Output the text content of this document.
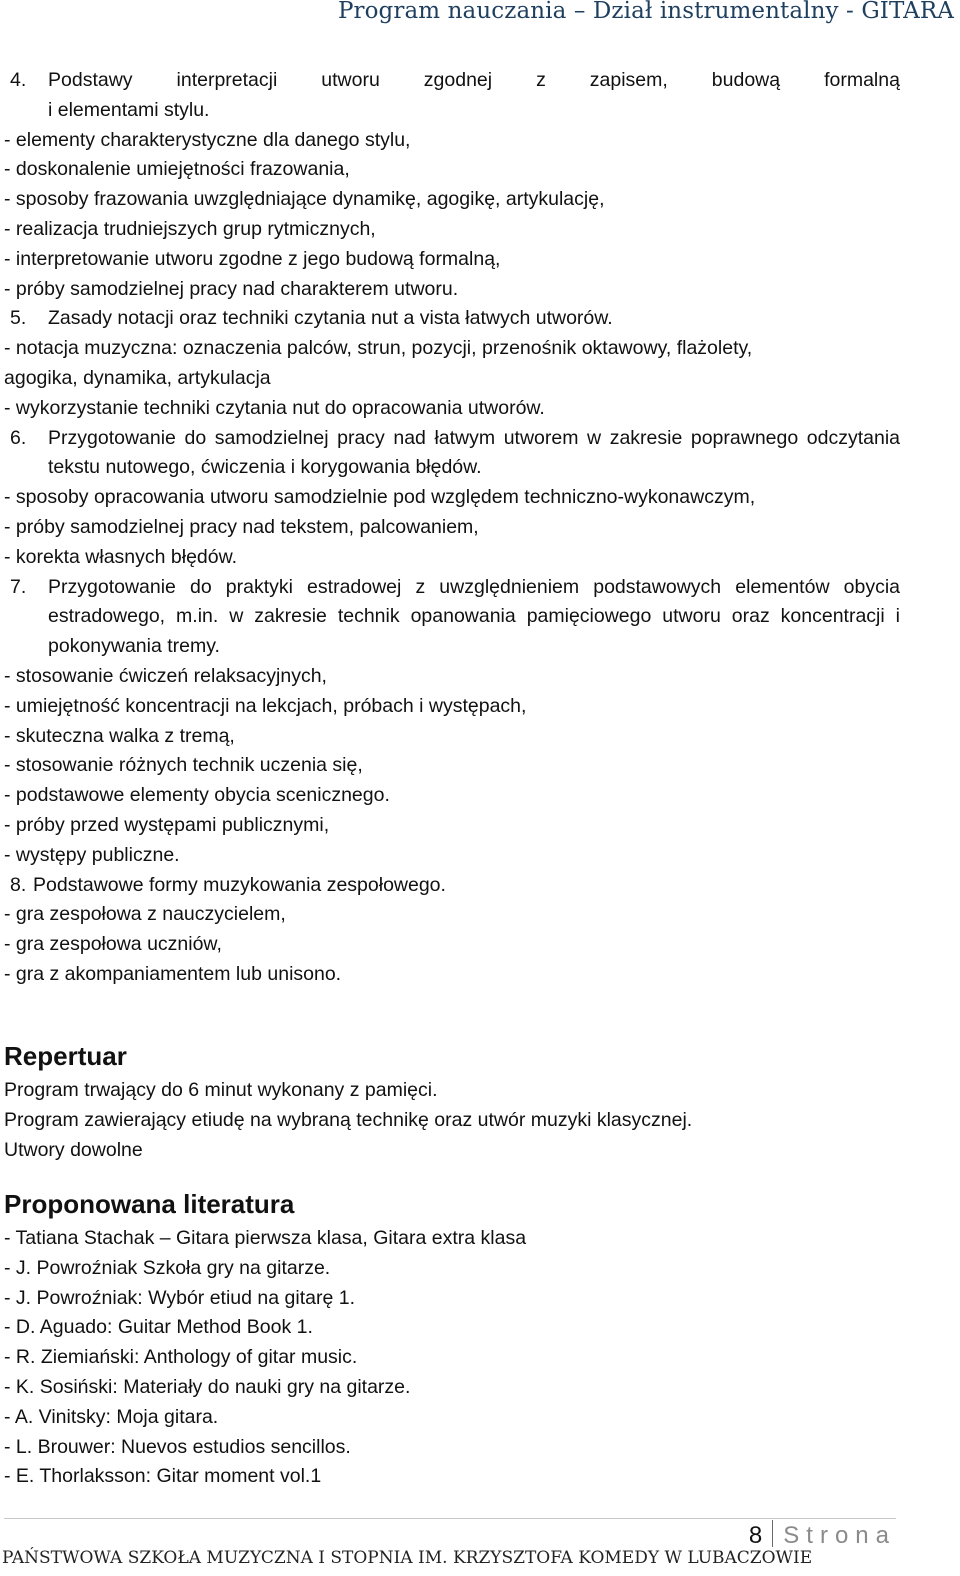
Program nauczania – Dział instrumentalny - GITARA
4.	Podstawy interpretacji utworu zgodnej z zapisem, budową formalną
i elementami stylu.
- elementy charakterystyczne dla danego stylu,
- doskonalenie umiejętności frazowania,
- sposoby frazowania uwzględniające dynamikę, agogikę, artykulację,
- realizacja trudniejszych grup rytmicznych,
- interpretowanie utworu zgodne z jego budową formalną,
- próby samodzielnej pracy nad charakterem utworu.
5.	Zasady notacji oraz techniki czytania nut a vista łatwych utworów.
- notacja muzyczna: oznaczenia palców, strun, pozycji, przenośnik oktawowy, flażolety,
agogika, dynamika, artykulacja
- wykorzystanie techniki czytania nut do opracowania utworów.
6.	Przygotowanie do samodzielnej pracy nad łatwym utworem w zakresie poprawnego odczytania tekstu nutowego, ćwiczenia i korygowania błędów.
- sposoby opracowania utworu samodzielnie pod względem techniczno-wykonawczym,
- próby samodzielnej pracy nad tekstem, palcowaniem,
- korekta własnych błędów.
7.	Przygotowanie do praktyki estradowej z uwzględnieniem podstawowych elementów obycia estradowego, m.in. w zakresie technik opanowania pamięciowego utworu oraz koncentracji i pokonywania tremy.
- stosowanie ćwiczeń relaksacyjnych,
- umiejętność koncentracji na lekcjach, próbach i występach,
- skuteczna walka z tremą,
- stosowanie różnych technik uczenia się,
- podstawowe elementy obycia scenicznego.
- próby przed występami publicznymi,
- występy publiczne.
8. Podstawowe formy muzykowania zespołowego.
- gra zespołowa z nauczycielem,
- gra zespołowa uczniów,
- gra z akompaniamentem lub unisono.
Repertuar
Program trwający do 6 minut wykonany z pamięci.
Program zawierający etiudę na wybraną technikę oraz utwór muzyki klasycznej.
Utwory dowolne
Proponowana literatura
- Tatiana Stachak – Gitara pierwsza klasa, Gitara extra klasa
- J. Powroźniak Szkoła gry na gitarze.
- J. Powroźniak: Wybór etiud na gitarę 1.
- D. Aguado: Guitar Method Book 1.
- R. Ziemiański: Anthology of gitar music.
- K. Sosiński: Materiały do nauki gry na gitarze.
- A. Vinitsky: Moja gitara.
- L. Brouwer: Nuevos estudios sencillos.
- E. Thorlaksson: Gitar moment vol.1
8 Strona
PAŃSTWOWA SZKOŁA MUZYCZNA I STOPNIA IM. KRZYSZTOFA KOMEDY W LUBACZOWIE
